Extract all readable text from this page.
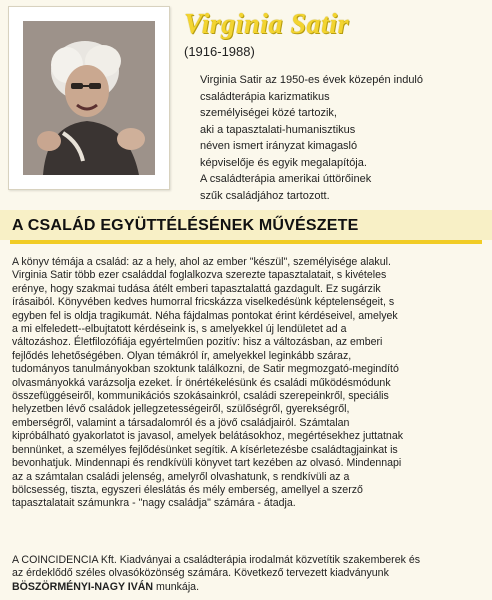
Virginia Satir
(1916-1988)

Virginia Satir az 1950-es évek közepén induló
családterápia karizmatikus
személyiségei közé tartozik,
aki a tapasztalati-humanisztikus
néven ismert irányzat kimagasló
képviselője és egyik megalapítója.
A családterápia amerikai úttörőinek
szűk családjához tartozott.

A CSALÁD EGYÜTTÉLÉSÉNEK MŰVÉSZETE

A könyv témája a család: az a hely, ahol az ember "készül", személyisége alakul.
Virginia Satir több ezer családdal foglalkozva szerezte tapasztalatait, s kivételes
erénye, hogy szakmai tudása átélt emberi tapasztalattá gazdagult. Ez sugárzik
írásaiból. Könyvében kedves humorral fricskázza viselkedésünk képtelenségeit, s
egyben fel is oldja tragikumát. Néha fájdalmas pontokat érint kérdéseivel, amelyek
a mi elfeledett--elbujtatott kérdéseink is, s amelyekkel új lendületet ad a
változáshoz. Életfilozófiája egyértelműen pozitív: hisz a változásban, az emberi
fejlődés lehetőségében. Olyan témákról ír, amelyekkel leginkább száraz,
tudományos tanulmányokban szoktunk találkozni, de Satir megmozgató-megindító
olvasmányokká varázsolja ezeket. Ír önértékelésünk és családi működésmódunk
összefüggéseiről, kommunikációs szokásainkról, családi szerepeinkről, speciális
helyzetben lévő családok jellegzetességeiről, szülőségről, gyerekségről,
emberségről, valamint a társadalomról és a jövő családjairól. Számtalan
kipróbálható gyakorlatot is javasol, amelyek belátásokhoz, megértésekhez juttatnak
bennünket, a személyes fejlődésünket segítik. A kísérletezésbe családtagjainkat is
bevonhatjuk. Mindennapi és rendkívüli könyvet tart kezében az olvasó. Mindennapi
az a számtalan családi jelenség, amelyről olvashatunk, s rendkívüli az a
bölcsesség, tiszta, egyszeri éleslátás és mély emberség, amellyel a szerző
tapasztalatait számunkra - "nagy családja" számára - átadja.

A COINCIDENCIA Kft. Kiadványai a családterápia irodalmát közvetítik szakemberek és
az érdeklődő széles olvasóközönség számára. Következő tervezett kiadványunk
BÖSZÖRMÉNYI-NAGY IVÁN munkája.
